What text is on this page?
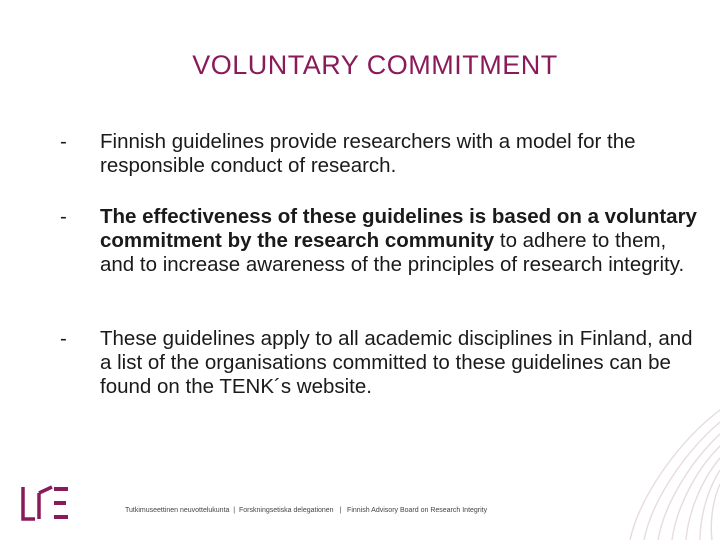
VOLUNTARY COMMITMENT
-	Finnish guidelines provide researchers with a model for the responsible conduct of research.
-	The effectiveness of these guidelines is based on a voluntary commitment by the research community to adhere to them, and to increase awareness of the principles of research integrity.
-	These guidelines apply to all academic disciplines in Finland, and a list of the organisations committed to these guidelines can be found on the TENK´s website.
Tutkimuseettinen neuvottelukunta  |  Forskningsetiska delegationen   |   Finnish Advisory Board on Research Integrity
